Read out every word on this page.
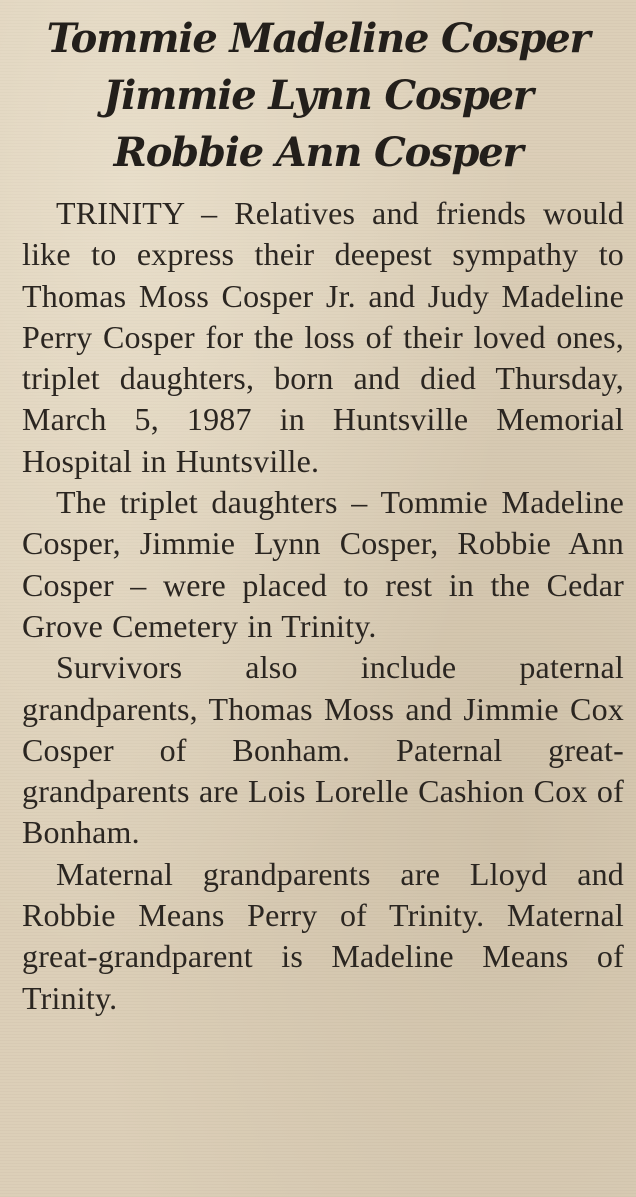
Tommie Madeline Cosper
Jimmie Lynn Cosper
Robbie Ann Cosper

TRINITY – Relatives and friends would like to express their deepest sympathy to Thomas Moss Cosper Jr. and Judy Madeline Perry Cosper for the loss of their loved ones, triplet daughters, born and died Thursday, March 5, 1987 in Huntsville Memorial Hospital in Huntsville.

The triplet daughters – Tommie Madeline Cosper, Jimmie Lynn Cosper, Robbie Ann Cosper – were placed to rest in the Cedar Grove Cemetery in Trinity.

Survivors also include paternal grandparents, Thomas Moss and Jimmie Cox Cosper of Bonham. Paternal great-grandparents are Lois Lorelle Cashion Cox of Bonham.

Maternal grandparents are Lloyd and Robbie Means Perry of Trinity. Maternal great-grandparent is Madeline Means of Trinity.
